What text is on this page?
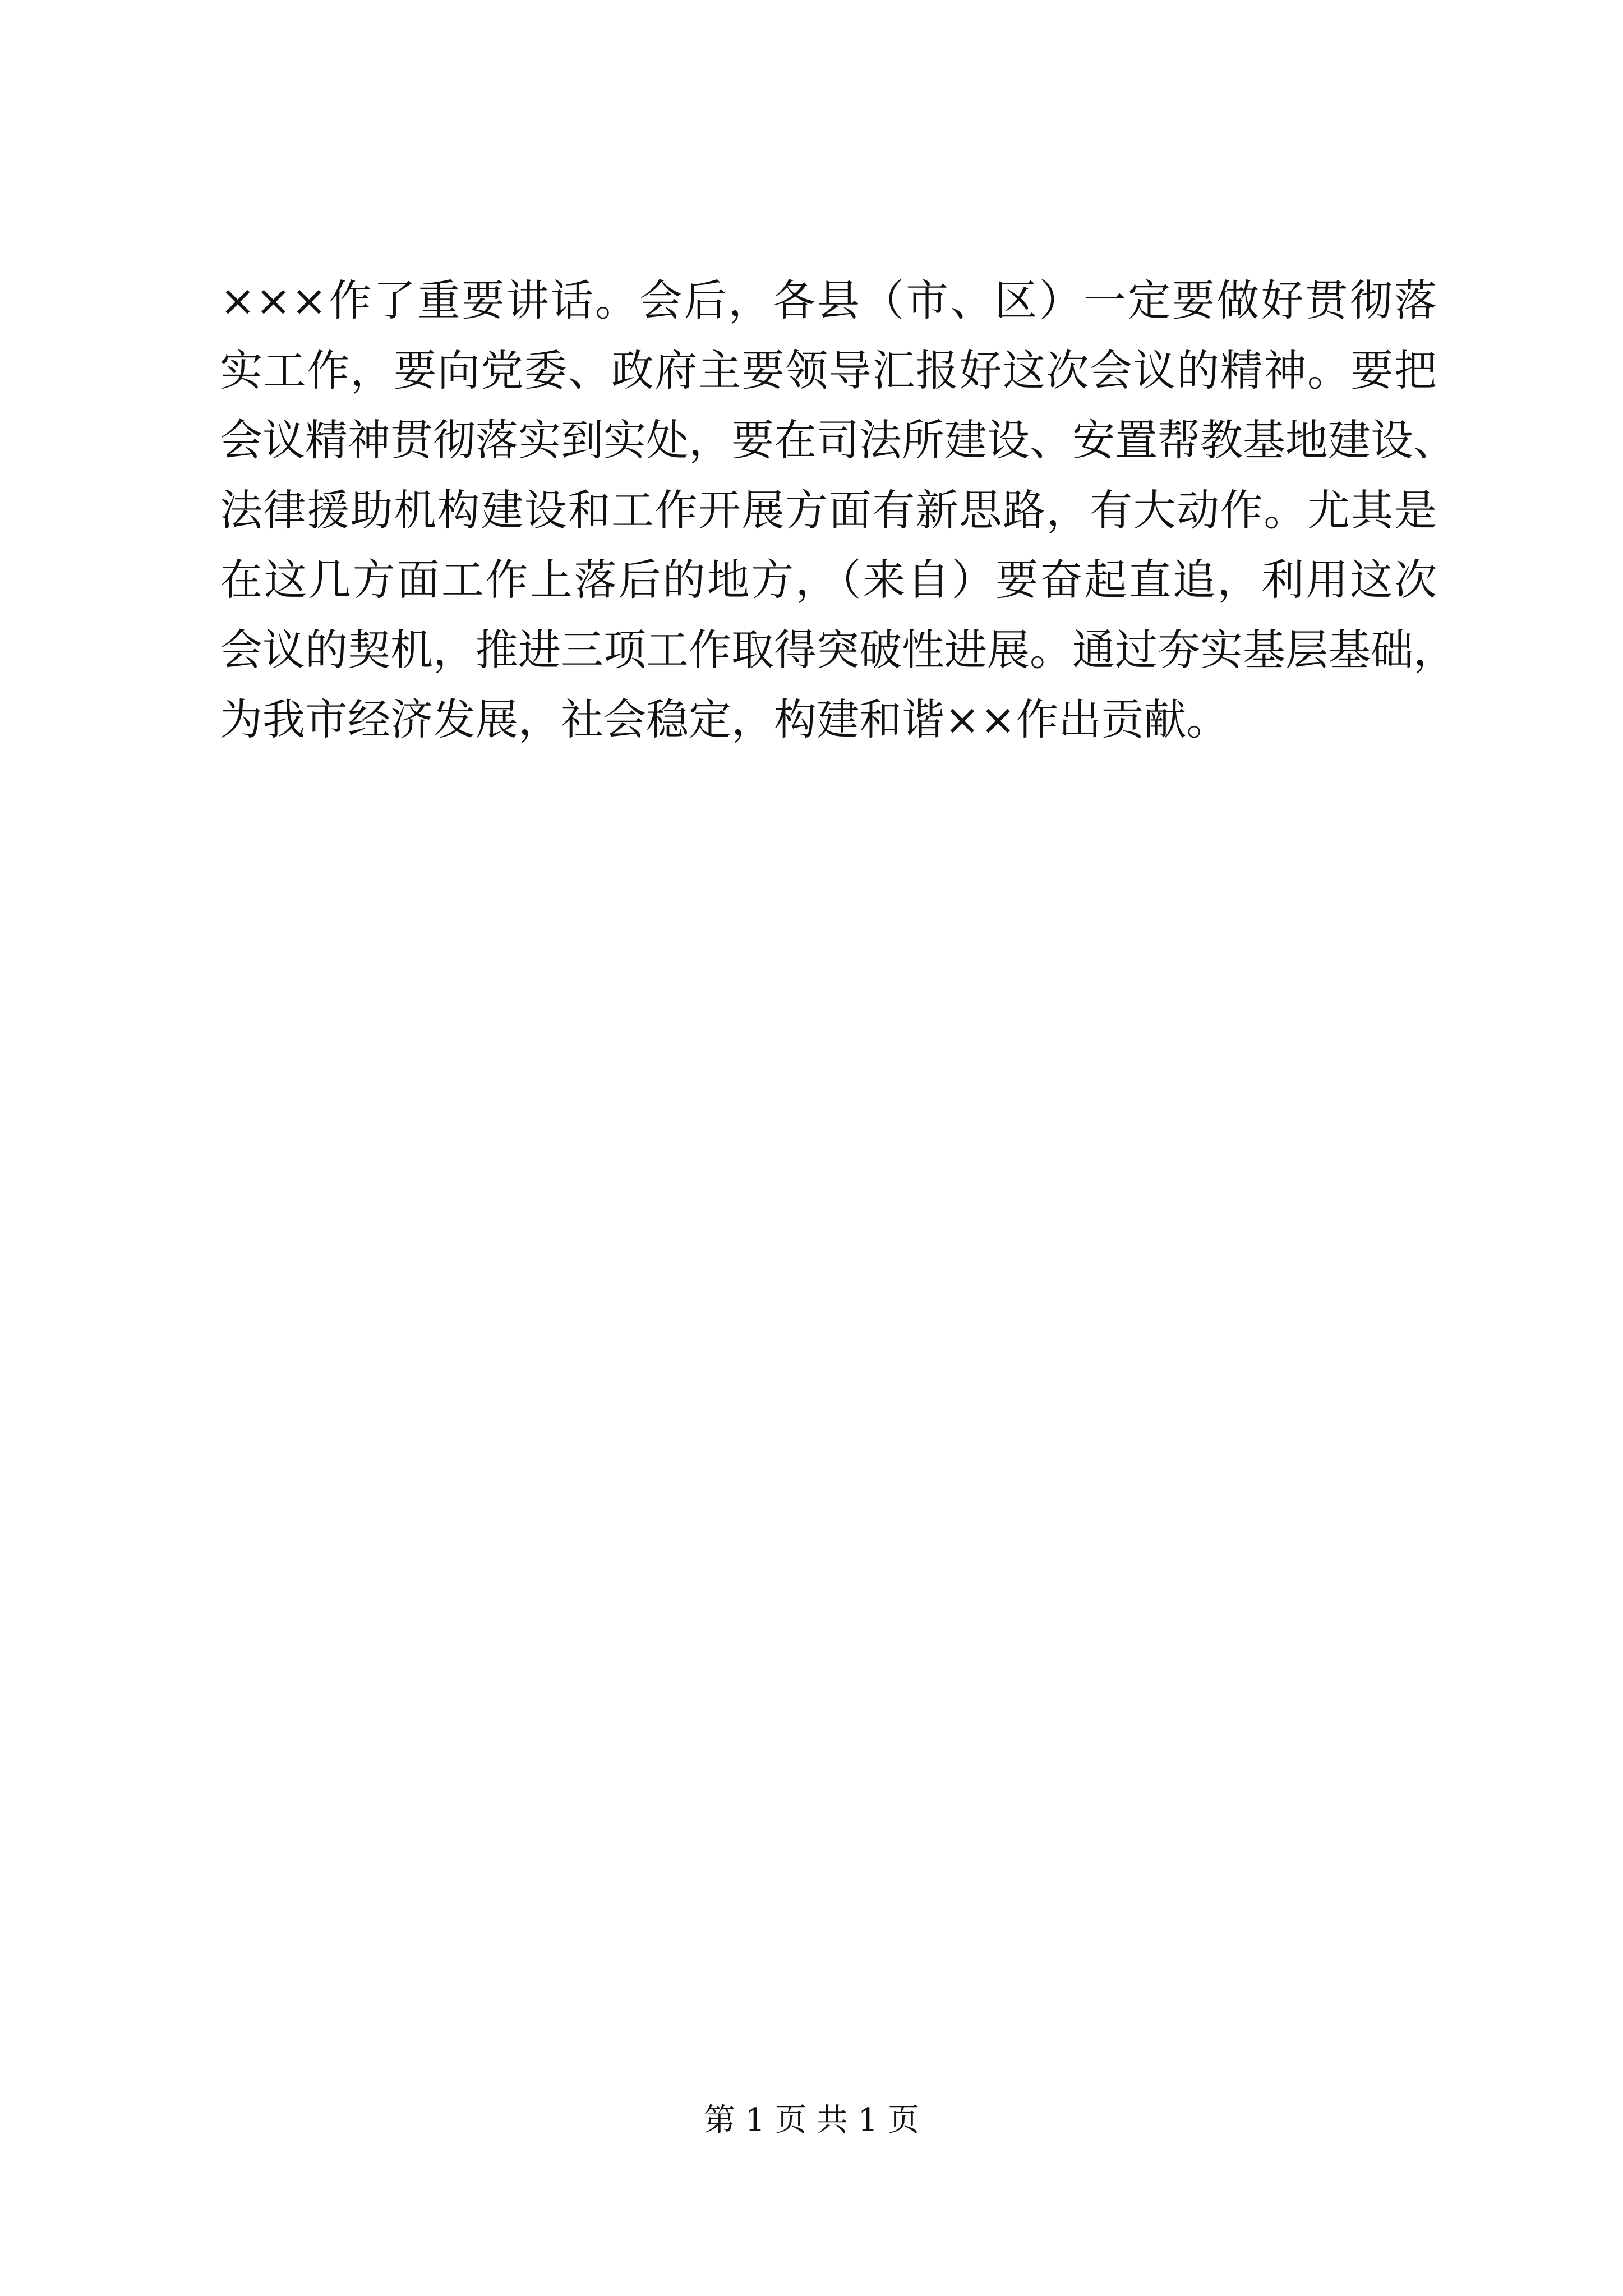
×××作了重要讲话。会后，各县（市、区）一定要做好贯彻落
实工作，要向党委、政府主要领导汇报好这次会议的精神。要把
会议精神贯彻落实到实处，要在司法所建设、安置帮教基地建设、
法律援助机构建设和工作开展方面有新思路，有大动作。尤其是
在这几方面工作上落后的地方，（来自）要奋起直追，利用这次
会议的契机，推进三项工作取得突破性进展。通过夯实基层基础，
为我市经济发展，社会稳定，构建和谐××作出贡献。
第 1 页 共 1 页
